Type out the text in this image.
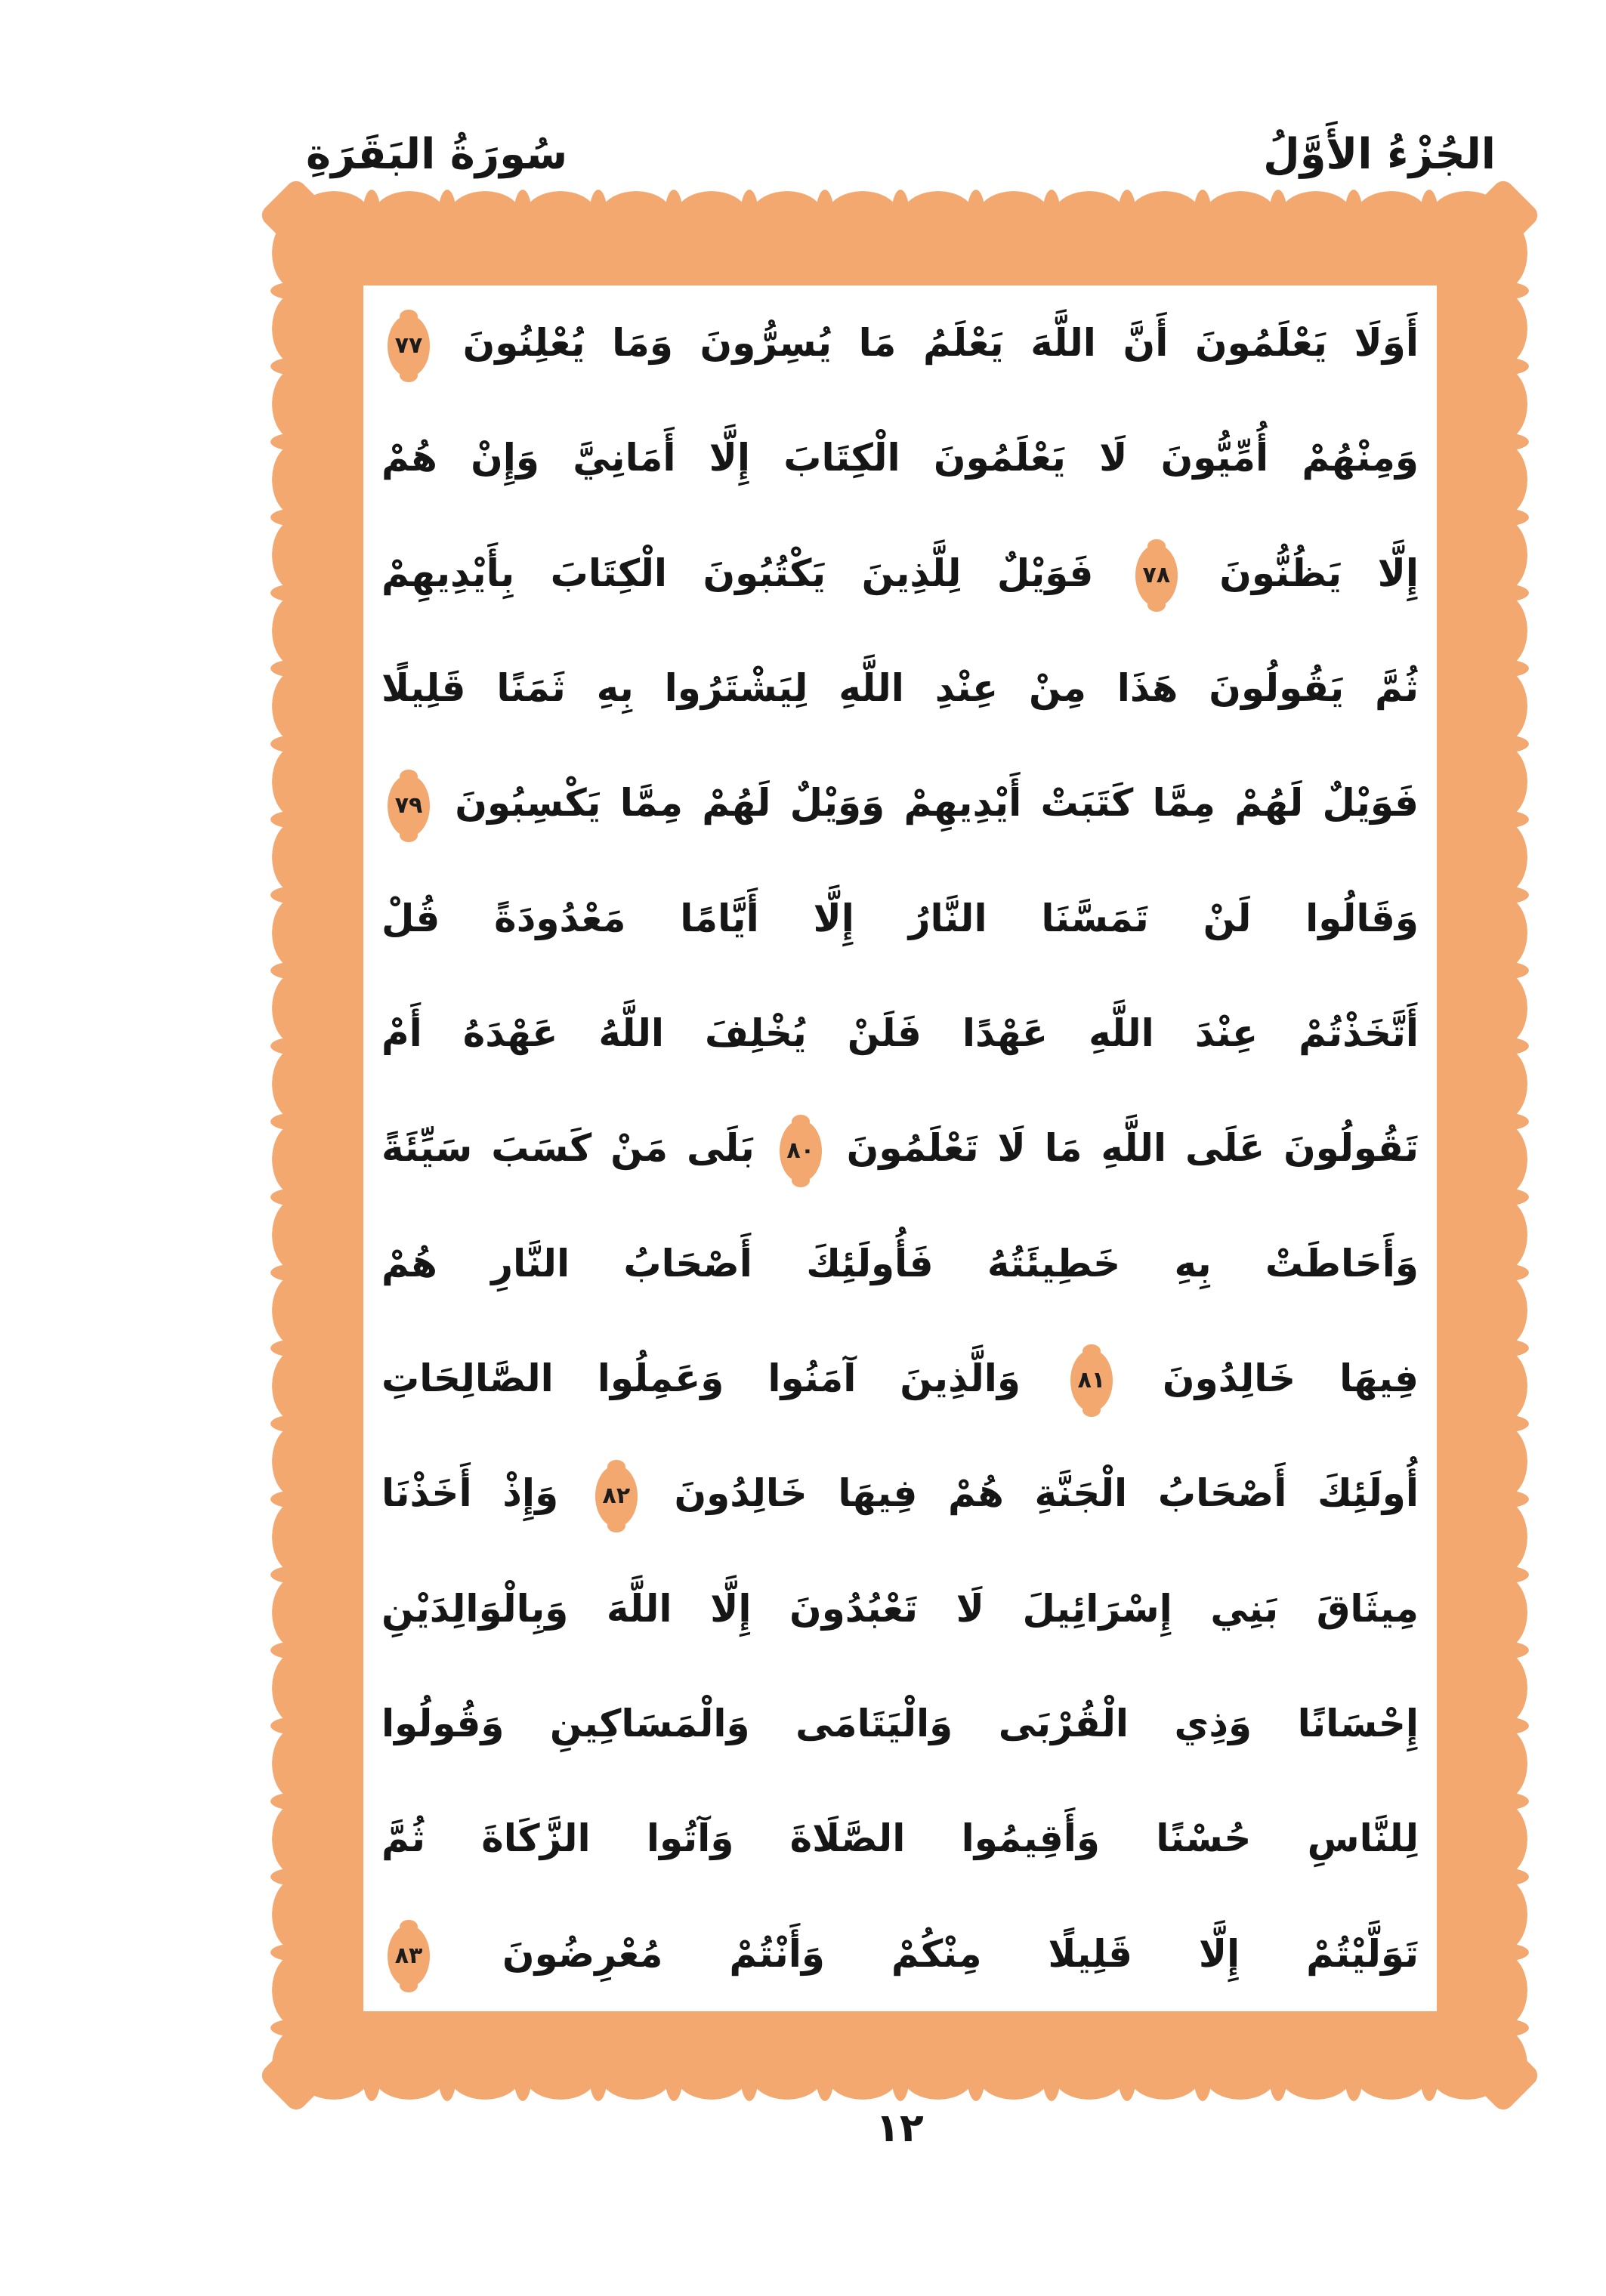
سُورَةُ البَقَرَةِ	الجُزْءُ الأَوَّلُ
أَوَلَا يَعْلَمُونَ أَنَّ اللَّهَ يَعْلَمُ مَا يُسِرُّونَ وَمَا يُعْلِنُونَ ٧٧
وَمِنْهُمْ أُمِّيُّونَ لَا يَعْلَمُونَ الْكِتَابَ إِلَّا أَمَانِيَّ وَإِنْ هُمْ
إِلَّا يَظُنُّونَ ٧٨ فَوَيْلٌ لِلَّذِينَ يَكْتُبُونَ الْكِتَابَ بِأَيْدِيهِمْ
ثُمَّ يَقُولُونَ هَذَا مِنْ عِنْدِ اللَّهِ لِيَشْتَرُوا بِهِ ثَمَنًا قَلِيلًا
فَوَيْلٌ لَهُمْ مِمَّا كَتَبَتْ أَيْدِيهِمْ وَوَيْلٌ لَهُمْ مِمَّا يَكْسِبُونَ ٧٩
وَقَالُوا لَنْ تَمَسَّنَا النَّارُ إِلَّا أَيَّامًا مَعْدُودَةً قُلْ
أَتَّخَذْتُمْ عِنْدَ اللَّهِ عَهْدًا فَلَنْ يُخْلِفَ اللَّهُ عَهْدَهُ أَمْ
تَقُولُونَ عَلَى اللَّهِ مَا لَا تَعْلَمُونَ ٨٠ بَلَى مَنْ كَسَبَ سَيِّئَةً
وَأَحَاطَتْ بِهِ خَطِيئَتُهُ فَأُولَئِكَ أَصْحَابُ النَّارِ هُمْ
فِيهَا خَالِدُونَ ٨١ وَالَّذِينَ آمَنُوا وَعَمِلُوا الصَّالِحَاتِ
أُولَئِكَ أَصْحَابُ الْجَنَّةِ هُمْ فِيهَا خَالِدُونَ ٨٢ وَإِذْ أَخَذْنَا
مِيثَاقَ بَنِي إِسْرَائِيلَ لَا تَعْبُدُونَ إِلَّا اللَّهَ وَبِالْوَالِدَيْنِ
إِحْسَانًا وَذِي الْقُرْبَى وَالْيَتَامَى وَالْمَسَاكِينِ وَقُولُوا
لِلنَّاسِ حُسْنًا وَأَقِيمُوا الصَّلَاةَ وَآتُوا الزَّكَاةَ ثُمَّ
تَوَلَّيْتُمْ إِلَّا قَلِيلًا مِنْكُمْ وَأَنْتُمْ مُعْرِضُونَ ٨٣
١٢
